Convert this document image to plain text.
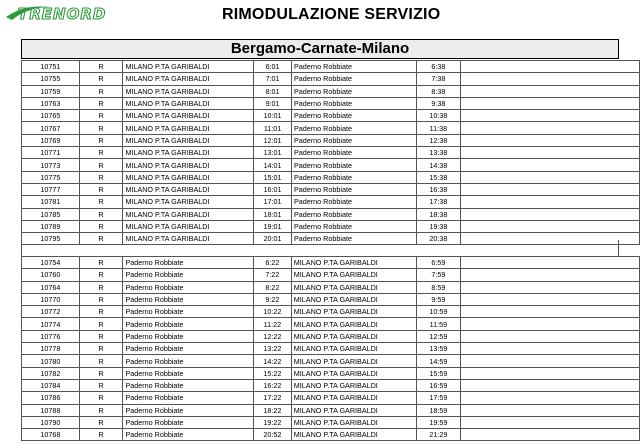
TRENORD	RIMODULAZIONE SERVIZIO
Bergamo-Carnate-Milano
10751	R	MILANO P.TA GARIBALDI	6:01	Paderno Robbiate	6:38	
10755	R	MILANO P.TA GARIBALDI	7:01	Paderno Robbiate	7:38	
10759	R	MILANO P.TA GARIBALDI	8:01	Paderno Robbiate	8:38	
10763	R	MILANO P.TA GARIBALDI	9:01	Paderno Robbiate	9:38	
10765	R	MILANO P.TA GARIBALDI	10:01	Paderno Robbiate	10:38	
10767	R	MILANO P.TA GARIBALDI	11:01	Paderno Robbiate	11:38	
10769	R	MILANO P.TA GARIBALDI	12:01	Paderno Robbiate	12:38	
10771	R	MILANO P.TA GARIBALDI	13:01	Paderno Robbiate	13:38	
10773	R	MILANO P.TA GARIBALDI	14:01	Paderno Robbiate	14:38	
10775	R	MILANO P.TA GARIBALDI	15:01	Paderno Robbiate	15:38	
10777	R	MILANO P.TA GARIBALDI	16:01	Paderno Robbiate	16:38	
10781	R	MILANO P.TA GARIBALDI	17:01	Paderno Robbiate	17:38	
10785	R	MILANO P.TA GARIBALDI	18:01	Paderno Robbiate	18:38	
10789	R	MILANO P.TA GARIBALDI	19:01	Paderno Robbiate	19:38	
10795	R	MILANO P.TA GARIBALDI	20:01	Paderno Robbiate	20:38	
10754	R	Paderno Robbiate	6:22	MILANO P.TA GARIBALDI	6:59	
10760	R	Paderno Robbiate	7:22	MILANO P.TA GARIBALDI	7:59	
10764	R	Paderno Robbiate	8:22	MILANO P.TA GARIBALDI	8:59	
10770	R	Paderno Robbiate	9:22	MILANO P.TA GARIBALDI	9:59	
10772	R	Paderno Robbiate	10:22	MILANO P.TA GARIBALDI	10:59	
10774	R	Paderno Robbiate	11:22	MILANO P.TA GARIBALDI	11:59	
10776	R	Paderno Robbiate	12:22	MILANO P.TA GARIBALDI	12:59	
10778	R	Paderno Robbiate	13:22	MILANO P.TA GARIBALDI	13:59	
10780	R	Paderno Robbiate	14:22	MILANO P.TA GARIBALDI	14:59	
10782	R	Paderno Robbiate	15:22	MILANO P.TA GARIBALDI	15:59	
10784	R	Paderno Robbiate	16:22	MILANO P.TA GARIBALDI	16:59	
10786	R	Paderno Robbiate	17:22	MILANO P.TA GARIBALDI	17:59	
10788	R	Paderno Robbiate	18:22	MILANO P.TA GARIBALDI	18:59	
10790	R	Paderno Robbiate	19:22	MILANO P.TA GARIBALDI	19:59	
10768	R	Paderno Robbiate	20:52	MILANO P.TA GARIBALDI	21:29	
